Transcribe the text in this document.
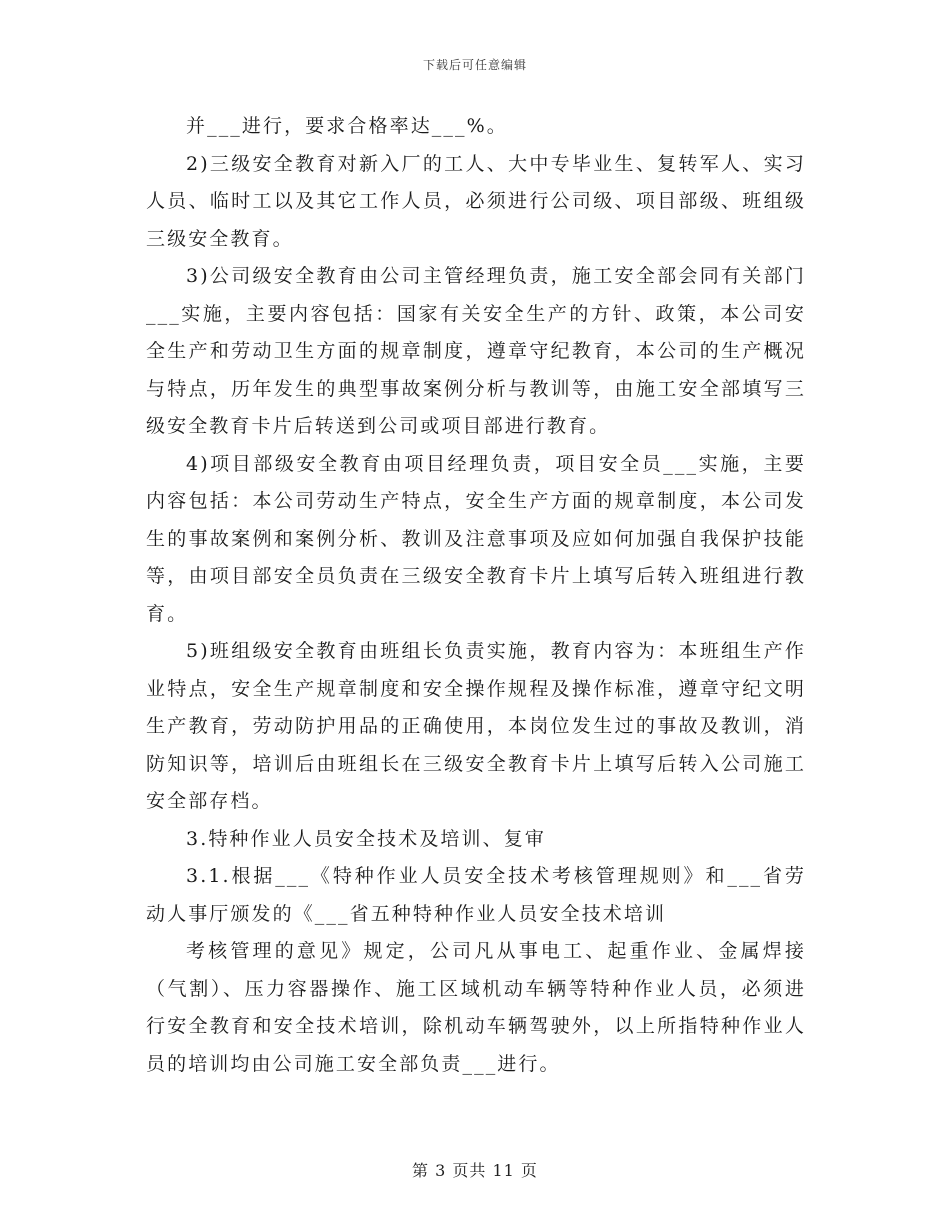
下载后可任意编辑

并___进行，要求合格率达___%。

2)三级安全教育对新入厂的工人、大中专毕业生、复转军人、实习人员、临时工以及其它工作人员，必须进行公司级、项目部级、班组级三级安全教育。

3)公司级安全教育由公司主管经理负责，施工安全部会同有关部门___实施，主要内容包括：国家有关安全生产的方针、政策，本公司安全生产和劳动卫生方面的规章制度，遵章守纪教育，本公司的生产概况与特点，历年发生的典型事故案例分析与教训等，由施工安全部填写三级安全教育卡片后转送到公司或项目部进行教育。

4)项目部级安全教育由项目经理负责，项目安全员___实施，主要内容包括：本公司劳动生产特点，安全生产方面的规章制度，本公司发生的事故案例和案例分析、教训及注意事项及应如何加强自我保护技能等，由项目部安全员负责在三级安全教育卡片上填写后转入班组进行教育。

5)班组级安全教育由班组长负责实施，教育内容为：本班组生产作业特点，安全生产规章制度和安全操作规程及操作标准，遵章守纪文明生产教育，劳动防护用品的正确使用，本岗位发生过的事故及教训，消防知识等，培训后由班组长在三级安全教育卡片上填写后转入公司施工安全部存档。

3.特种作业人员安全技术及培训、复审

3.1.根据___《特种作业人员安全技术考核管理规则》和___省劳动人事厅颁发的《___省五种特种作业人员安全技术培训

考核管理的意见》规定，公司凡从事电工、起重作业、金属焊接（气割）、压力容器操作、施工区域机动车辆等特种作业人员，必须进行安全教育和安全技术培训，除机动车辆驾驶外，以上所指特种作业人员的培训均由公司施工安全部负责___进行。

第 3 页共 11 页
